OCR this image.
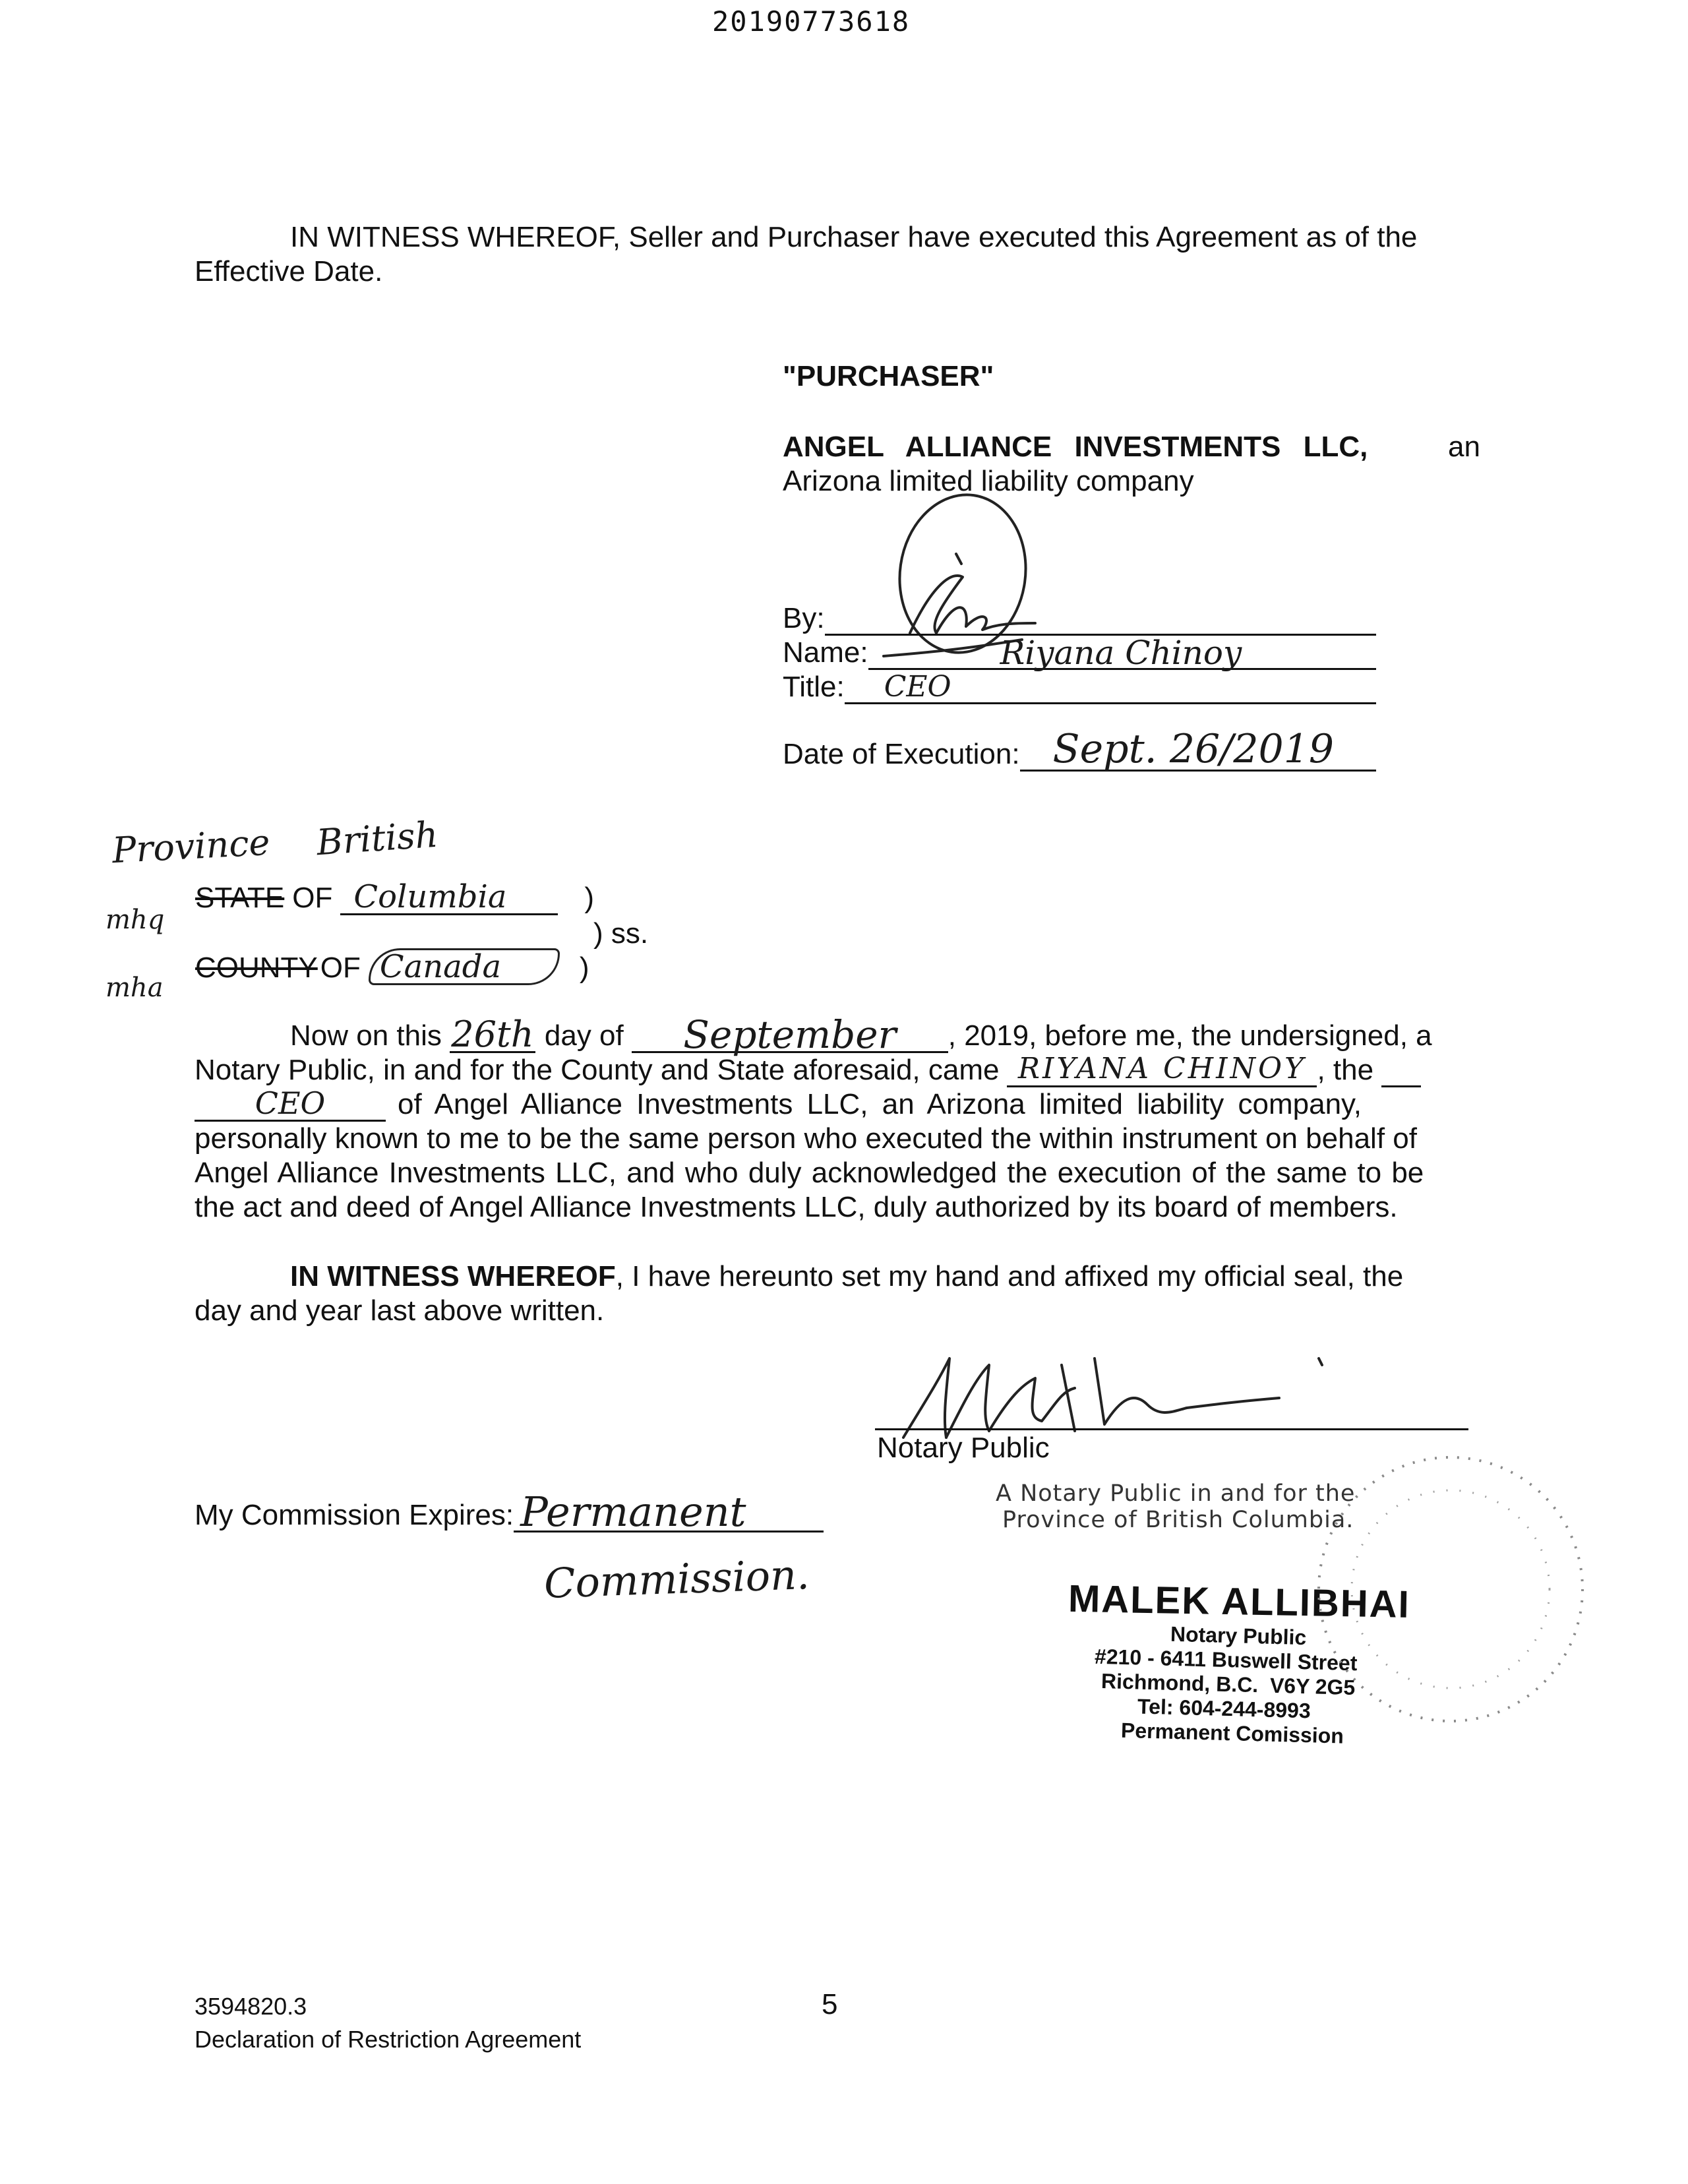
20190773618
IN WITNESS WHEREOF, Seller and Purchaser have executed this Agreement as of the
Effective Date.
"PURCHASER"
ANGEL ALLIANCE INVESTMENTS LLC,	an
Arizona limited liability company
By:
Name:	Riyana Chinoy
Title:	CEO
Date of Execution: Sept. 26/2019
Province British
mhq
STATE OF Columbia	)
) ss.
mha
COUNTY OF Canada	)
Now on this 26th day of	September	, 2019, before me, the undersigned, a
Notary Public, in and for the County and State aforesaid, came RIYANA CHINOY , the
CEO	of Angel Alliance Investments LLC, an Arizona limited liability company,
personally known to me to be the same person who executed the within instrument on behalf of
Angel Alliance Investments LLC, and who duly acknowledged the execution of the same to be
the act and deed of Angel Alliance Investments LLC, duly authorized by its board of members.
IN WITNESS WHEREOF, I have hereunto set my hand and affixed my official seal, the
day and year last above written.
Notary Public
My Commission Expires: Permanent
Commission.
A Notary Public in and for the
Province of British Columbia.
MALEK ALLIBHAI
Notary Public
#210 - 6411 Buswell Street
Richmond, B.C.  V6Y 2G5
Tel: 604-244-8993
Permanent Comission
3594820.3
Declaration of Restriction Agreement
5
